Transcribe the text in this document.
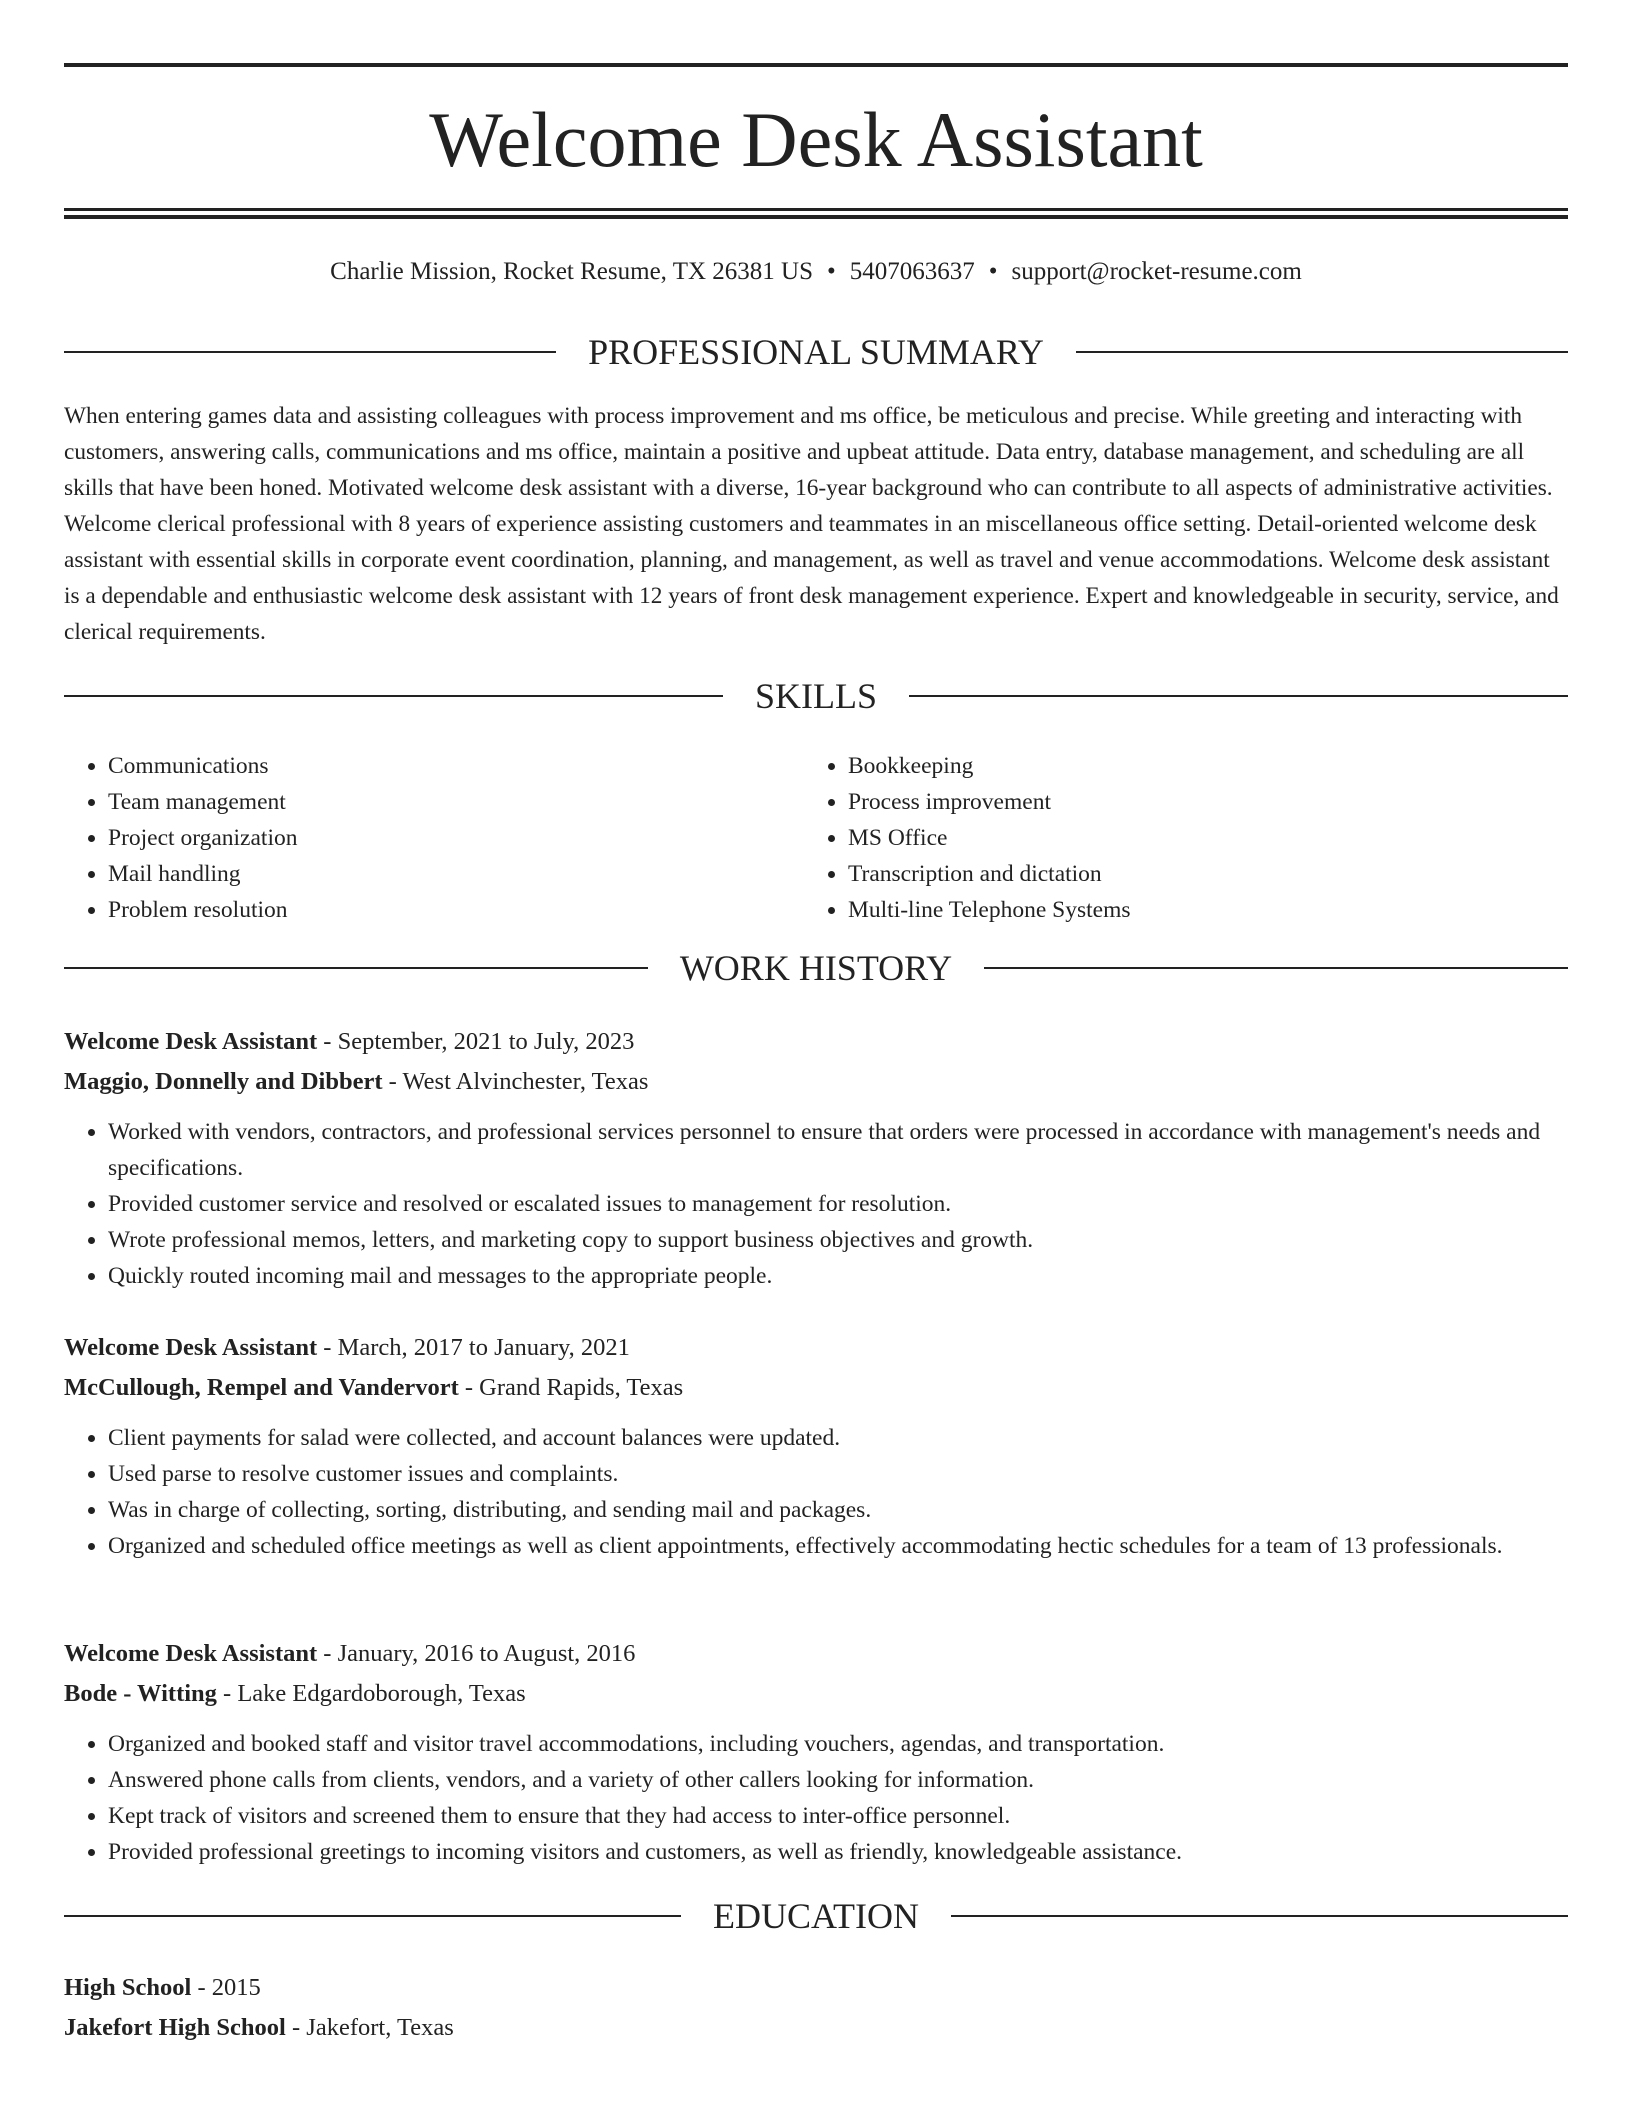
Welcome Desk Assistant
Charlie Mission, Rocket Resume, TX 26381 US • 5407063637 • support@rocket-resume.com
PROFESSIONAL SUMMARY

When entering games data and assisting colleagues with process improvement and ms office, be meticulous and precise. While greeting and interacting with customers, answering calls, communications and ms office, maintain a positive and upbeat attitude. Data entry, database management, and scheduling are all skills that have been honed. Motivated welcome desk assistant with a diverse, 16-year background who can contribute to all aspects of administrative activities. Welcome clerical professional with 8 years of experience assisting customers and teammates in an miscellaneous office setting. Detail-oriented welcome desk assistant with essential skills in corporate event coordination, planning, and management, as well as travel and venue accommodations. Welcome desk assistant is a dependable and enthusiastic welcome desk assistant with 12 years of front desk management experience. Expert and knowledgeable in security, service, and clerical requirements.

SKILLS
• Communications
• Team management
• Project organization
• Mail handling
• Problem resolution
• Bookkeeping
• Process improvement
• MS Office
• Transcription and dictation
• Multi-line Telephone Systems
WORK HISTORY
Welcome Desk Assistant - September, 2021 to July, 2023
Maggio, Donnelly and Dibbert - West Alvinchester, Texas
• Worked with vendors, contractors, and professional services personnel to ensure that orders were processed in accordance with management's needs and specifications.
• Provided customer service and resolved or escalated issues to management for resolution.
• Wrote professional memos, letters, and marketing copy to support business objectives and growth.
• Quickly routed incoming mail and messages to the appropriate people.
Welcome Desk Assistant - March, 2017 to January, 2021
McCullough, Rempel and Vandervort - Grand Rapids, Texas
• Client payments for salad were collected, and account balances were updated.
• Used parse to resolve customer issues and complaints.
• Was in charge of collecting, sorting, distributing, and sending mail and packages.
• Organized and scheduled office meetings as well as client appointments, effectively accommodating hectic schedules for a team of 13 professionals.
Welcome Desk Assistant - January, 2016 to August, 2016
Bode - Witting - Lake Edgardoborough, Texas
• Organized and booked staff and visitor travel accommodations, including vouchers, agendas, and transportation.
• Answered phone calls from clients, vendors, and a variety of other callers looking for information.
• Kept track of visitors and screened them to ensure that they had access to inter-office personnel.
• Provided professional greetings to incoming visitors and customers, as well as friendly, knowledgeable assistance.
EDUCATION
High School - 2015
Jakefort High School - Jakefort, Texas
